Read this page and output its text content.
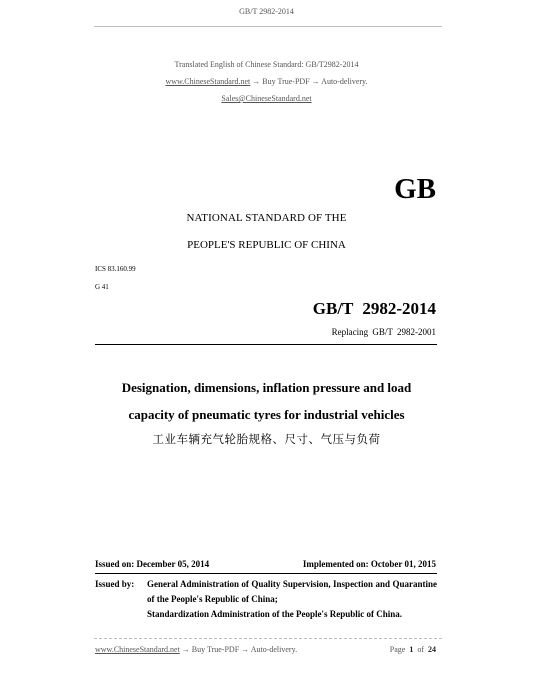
GB/T 2982-2014
Translated English of Chinese Standard: GB/T2982-2014
www.ChineseStandard.net → Buy True-PDF → Auto-delivery.
Sales@ChineseStandard.net
GB
NATIONAL STANDARD OF THE
PEOPLE'S REPUBLIC OF CHINA
ICS 83.160.99
G 41
GB/T 2982-2014
Replacing GB/T 2982-2001
Designation, dimensions, inflation pressure and load
capacity of pneumatic tyres for industrial vehicles
工业车辆充气轮胎规格、尺寸、气压与负荷
Issued on: December 05, 2014	Implemented on: October 01, 2015
Issued by:	General Administration of Quality Supervision, Inspection and Quarantine of the People's Republic of China;
Standardization Administration of the People's Republic of China.
www.ChineseStandard.net → Buy True-PDF → Auto-delivery.	Page 1 of 24
